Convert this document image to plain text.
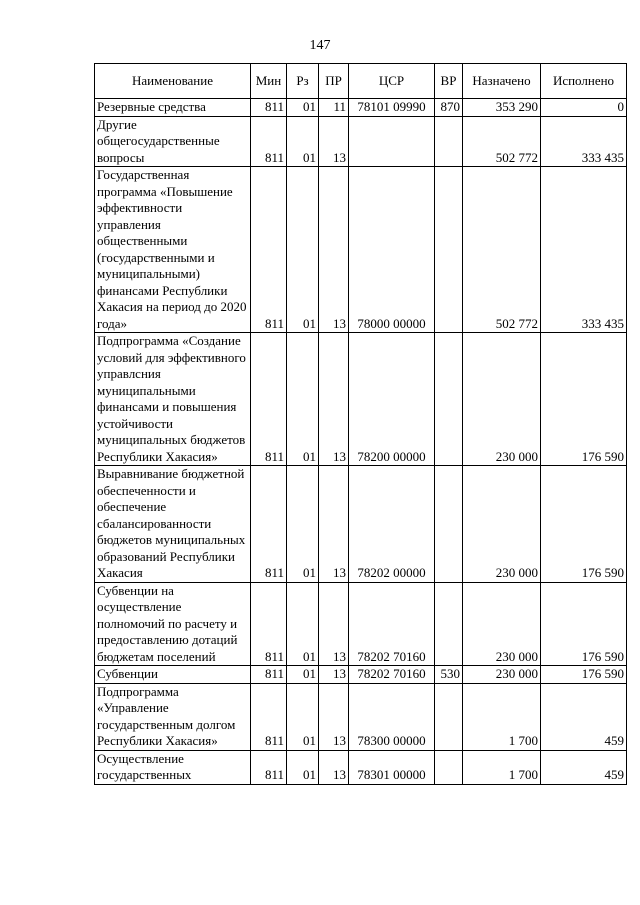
147
Наименование	Мин	Рз	ПР	ЦСР	ВР	Назначено	Исполнено
Резервные средства	811	01	11	78101 09990	870	353 290	0
Другие общегосударственные вопросы	811	01	13			502 772	333 435
Государственная программа «Повышение эффективности управления общественными (государственными и муниципальными) финансами Республики Хакасия на период до 2020 года»	811	01	13	78000 00000		502 772	333 435
Подпрограмма «Создание условий для эффективного управлсния муниципальными финансами и повышения устойчивости муниципальных бюджетов Республики Хакасия»	811	01	13	78200 00000		230 000	176 590
Выравнивание бюджетной обеспеченности и обеспечение сбалансированности бюджетов муниципальных образований Республики Хакасия	811	01	13	78202 00000		230 000	176 590
Субвенции на осуществление полномочий по расчету и предоставлению дотаций бюджетам поселений	811	01	13	78202 70160		230 000	176 590
Субвенции	811	01	13	78202 70160	530	230 000	176 590
Подпрограмма «Управление государственным долгом Республики Хакасия»	811	01	13	78300 00000		1 700	459
Осуществление государственных	811	01	13	78301 00000		1 700	459
